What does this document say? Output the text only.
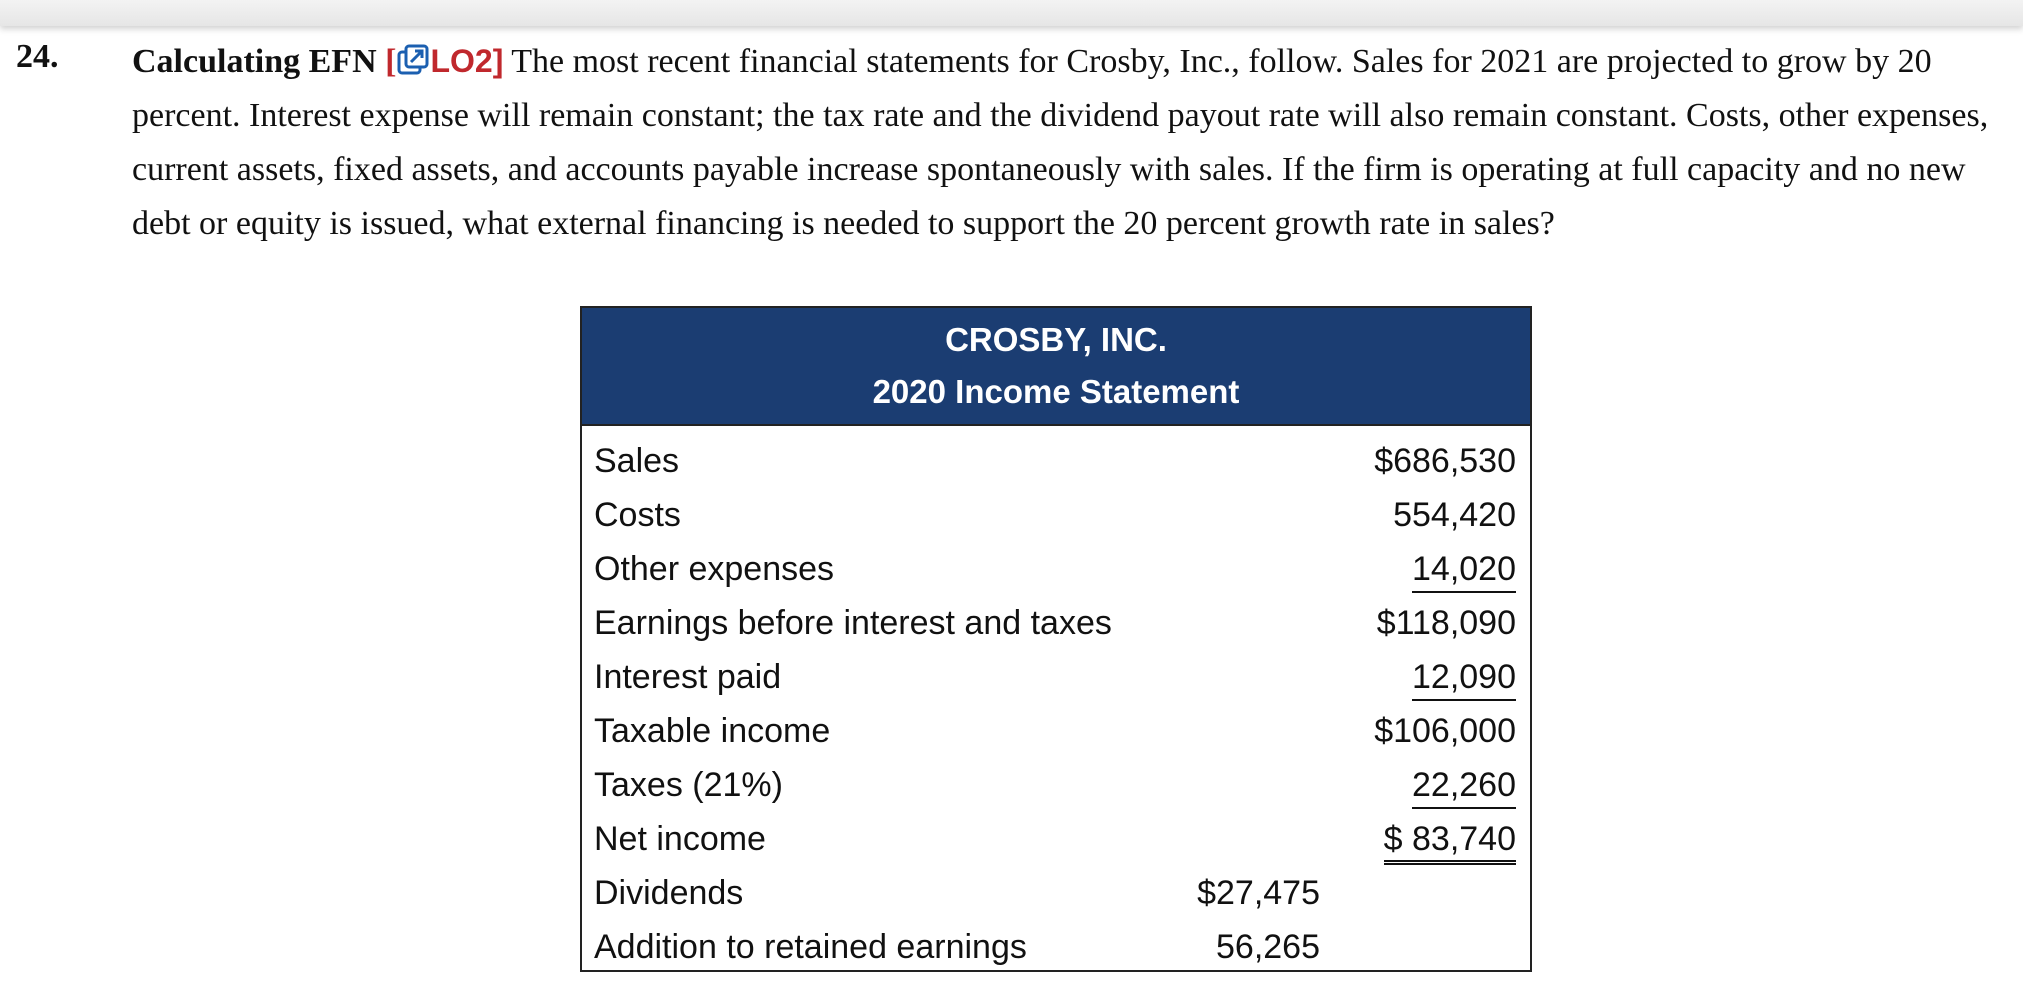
24. Calculating EFN [ LO2] The most recent financial statements for Crosby, Inc., follow. Sales for 2021 are projected to grow by 20 percent. Interest expense will remain constant; the tax rate and the dividend payout rate will also remain constant. Costs, other expenses, current assets, fixed assets, and accounts payable increase spontaneously with sales. If the firm is operating at full capacity and no new debt or equity is issued, what external financing is needed to support the 20 percent growth rate in sales?
CROSBY, INC.
2020 Income Statement
Sales	$686,530
Costs	554,420
Other expenses	14,020
Earnings before interest and taxes	$118,090
Interest paid	12,090
Taxable income	$106,000
Taxes (21%)	22,260
Net income	$ 83,740
Dividends	$27,475
Addition to retained earnings	56,265
